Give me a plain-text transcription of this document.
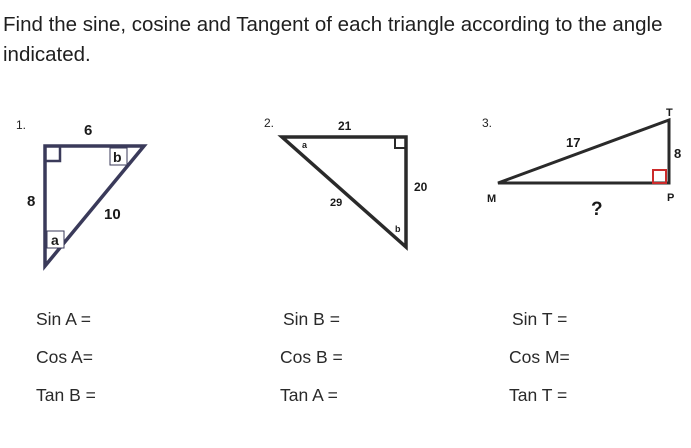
Find the sine, cosine and Tangent of each triangle according to the angle indicated.

1.	6
8
10
b
a
2.	21
20
29
a
b
3.
T
M	P
17
8
?
Sin A =	Sin B =	Sin T =
Cos A=	Cos B =	Cos M=
Tan B =	Tan A =	Tan T =
